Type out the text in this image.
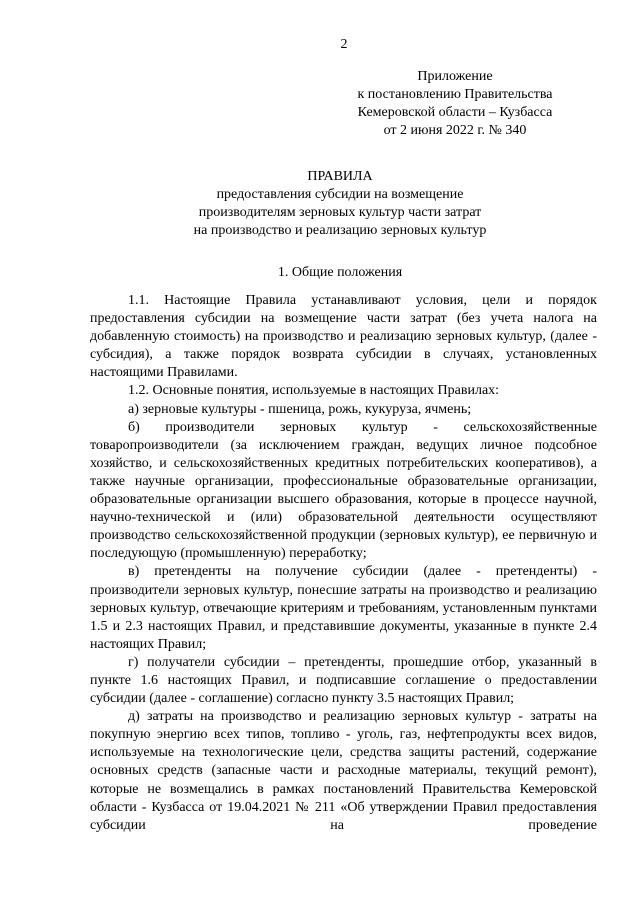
2
Приложение
к постановлению Правительства
Кемеровской области – Кузбасса
от 2 июня 2022 г. № 340
ПРАВИЛА
предоставления субсидии на возмещение
производителям зерновых культур части затрат
на производство и реализацию зерновых культур
1. Общие положения

1.1. Настоящие Правила устанавливают условия, цели и порядок предоставления субсидии на возмещение части затрат (без учета налога на добавленную стоимость) на производство и реализацию зерновых культур, (далее - субсидия), а также порядок возврата субсидии в случаях, установленных настоящими Правилами.

1.2. Основные понятия, используемые в настоящих Правилах:

а) зерновые культуры - пшеница, рожь, кукуруза, ячмень;

б) производители зерновых культур - сельскохозяйственные товаропроизводители (за исключением граждан, ведущих личное подсобное хозяйство, и сельскохозяйственных кредитных потребительских кооперативов), а также научные организации, профессиональные образовательные организации, образовательные организации высшего образования, которые в процессе научной, научно-технической и (или) образовательной деятельности осуществляют производство сельскохозяйственной продукции (зерновых культур), ее первичную и последующую (промышленную) переработку;

в) претенденты на получение субсидии (далее - претенденты) - производители зерновых культур, понесшие затраты на производство и реализацию зерновых культур, отвечающие критериям и требованиям, установленным пунктами 1.5 и 2.3 настоящих Правил, и представившие документы, указанные в пункте 2.4 настоящих Правил;

г) получатели субсидии – претенденты, прошедшие отбор, указанный в пункте 1.6 настоящих Правил, и подписавшие соглашение о предоставлении субсидии (далее - соглашение) согласно пункту 3.5 настоящих Правил;

д) затраты на производство и реализацию зерновых культур - затраты на покупную энергию всех типов, топливо - уголь, газ, нефтепродукты всех видов, используемые на технологические цели, средства защиты растений, содержание основных средств (запасные части и расходные материалы, текущий ремонт), которые не возмещались в рамках постановлений Правительства Кемеровской области - Кузбасса от 19.04.2021 № 211 «Об утверждении Правил предоставления субсидии на проведение
